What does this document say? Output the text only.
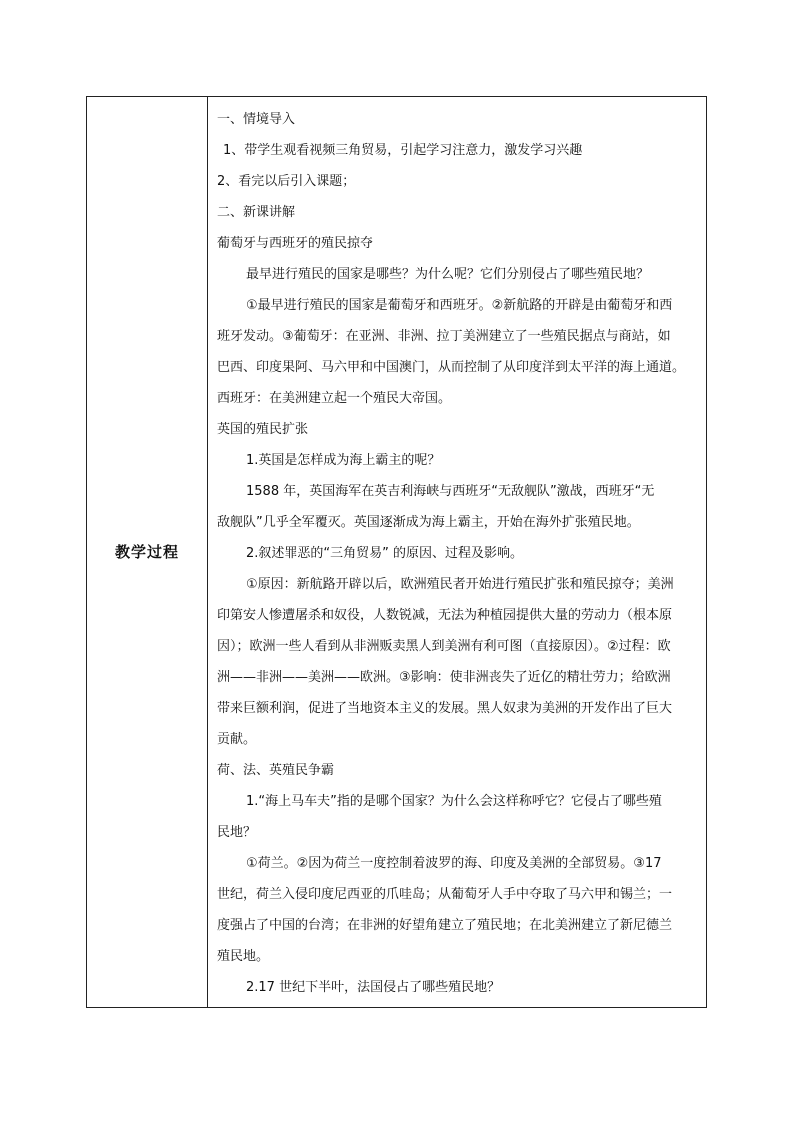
教学过程
一、情境导入
1、带学生观看视频三角贸易，引起学习注意力，激发学习兴趣
2、看完以后引入课题；
二、新课讲解
葡萄牙与西班牙的殖民掠夺
最早进行殖民的国家是哪些？为什么呢？它们分别侵占了哪些殖民地？
①最早进行殖民的国家是葡萄牙和西班牙。②新航路的开辟是由葡萄牙和西
班牙发动。③葡萄牙：在亚洲、非洲、拉丁美洲建立了一些殖民据点与商站，如
巴西、印度果阿、马六甲和中国澳门，从而控制了从印度洋到太平洋的海上通道。
西班牙：在美洲建立起一个殖民大帝国。
英国的殖民扩张
1.英国是怎样成为海上霸主的呢？
1588 年，英国海军在英吉利海峡与西班牙“无敌舰队”激战，西班牙“无
敌舰队”几乎全军覆灭。英国逐渐成为海上霸主，开始在海外扩张殖民地。
2.叙述罪恶的“三角贸易” 的原因、过程及影响。
①原因：新航路开辟以后，欧洲殖民者开始进行殖民扩张和殖民掠夺；美洲
印第安人惨遭屠杀和奴役，人数锐减，无法为种植园提供大量的劳动力（根本原
因）；欧洲一些人看到从非洲贩卖黑人到美洲有利可图（直接原因）。②过程：欧
洲——非洲——美洲——欧洲。③影响：使非洲丧失了近亿的精壮劳力；给欧洲
带来巨额利润，促进了当地资本主义的发展。黑人奴隶为美洲的开发作出了巨大
贡献。
荷、法、英殖民争霸
1.“海上马车夫”指的是哪个国家？为什么会这样称呼它？它侵占了哪些殖
民地？
①荷兰。②因为荷兰一度控制着波罗的海、印度及美洲的全部贸易。③17
世纪，荷兰入侵印度尼西亚的爪哇岛；从葡萄牙人手中夺取了马六甲和锡兰；一
度强占了中国的台湾；在非洲的好望角建立了殖民地；在北美洲建立了新尼德兰
殖民地。
2.17 世纪下半叶，法国侵占了哪些殖民地？
